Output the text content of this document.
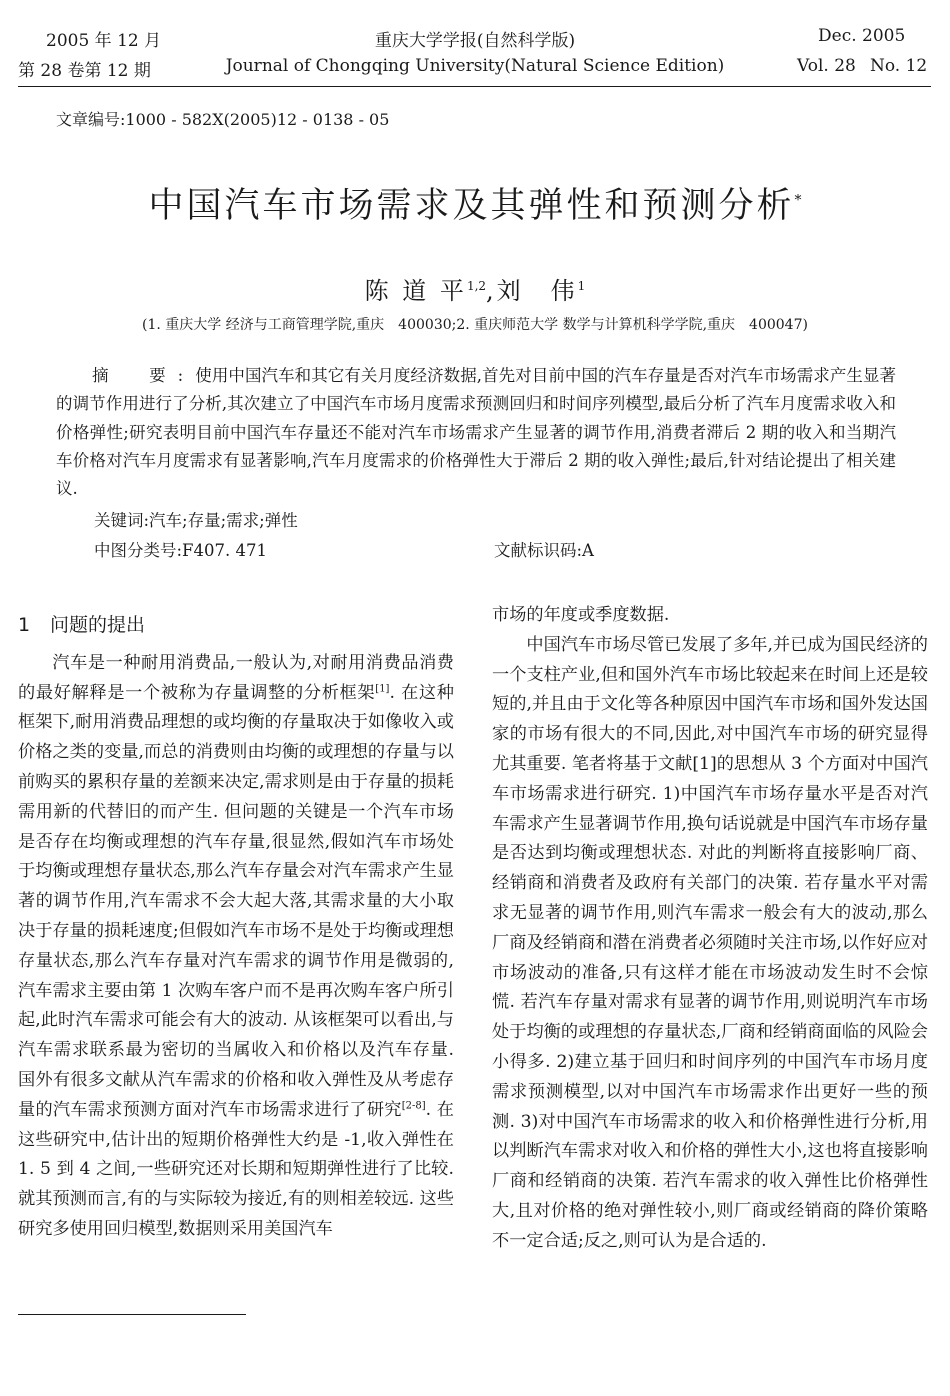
2005 年 12 月
第 28 卷第 12 期
重庆大学学报(自然科学版)
Journal of Chongqing University(Natural Science Edition)
Dec. 2005
Vol. 28 No. 12
文章编号:1000 - 582X(2005)12 - 0138 - 05
中国汽车市场需求及其弹性和预测分析*
陈 道 平$^{1,2}$,刘　伟$^1$
(1. 重庆大学 经济与工商管理学院,重庆　400030;2. 重庆师范大学 数学与计算机科学学院,重庆　400047)
摘　要:使用中国汽车和其它有关月度经济数据,首先对目前中国的汽车存量是否对汽车市场需求产生显著的调节作用进行了分析,其次建立了中国汽车市场月度需求预测回归和时间序列模型,最后分析了汽车月度需求收入和价格弹性;研究表明目前中国汽车存量还不能对汽车市场需求产生显著的调节作用,消费者滞后 2 期的收入和当期汽车价格对汽车月度需求有显著影响,汽车月度需求的价格弹性大于滞后 2 期的收入弹性;最后,针对结论提出了相关建议.
关键词:汽车;存量;需求;弹性
中图分类号:F407. 471	文献标识码:A

1 问题的提出

汽车是一种耐用消费品,一般认为,对耐用消费品消费的最好解释是一个被称为存量调整的分析框架[1]. 在这种框架下,耐用消费品理想的或均衡的存量取决于如像收入或价格之类的变量,而总的消费则由均衡的或理想的存量与以前购买的累积存量的差额来决定,需求则是由于存量的损耗需用新的代替旧的而产生. 但问题的关键是一个汽车市场是否存在均衡或理想的汽车存量,很显然,假如汽车市场处于均衡或理想存量状态,那么汽车存量会对汽车需求产生显著的调节作用,汽车需求不会大起大落,其需求量的大小取决于存量的损耗速度;但假如汽车市场不是处于均衡或理想存量状态,那么汽车存量对汽车需求的调节作用是微弱的,汽车需求主要由第 1 次购车客户而不是再次购车客户所引起,此时汽车需求可能会有大的波动. 从该框架可以看出,与汽车需求联系最为密切的当属收入和价格以及汽车存量. 国外有很多文献从汽车需求的价格和收入弹性及从考虑存量的汽车需求预测方面对汽车市场需求进行了研究[2-8]. 在这些研究中,估计出的短期价格弹性大约是 -1,收入弹性在 1. 5 到 4 之间,一些研究还对长期和短期弹性进行了比较. 就其预测而言,有的与实际较为接近,有的则相差较远. 这些研究多使用回归模型,数据则采用美国汽车

市场的年度或季度数据.

中国汽车市场尽管已发展了多年,并已成为国民经济的一个支柱产业,但和国外汽车市场比较起来在时间上还是较短的,并且由于文化等各种原因中国汽车市场和国外发达国家的市场有很大的不同,因此,对中国汽车市场的研究显得尤其重要. 笔者将基于文献[1]的思想从 3 个方面对中国汽车市场需求进行研究. 1)中国汽车市场存量水平是否对汽车需求产生显著调节作用,换句话说就是中国汽车市场存量是否达到均衡或理想状态. 对此的判断将直接影响厂商、经销商和消费者及政府有关部门的决策. 若存量水平对需求无显著的调节作用,则汽车需求一般会有大的波动,那么厂商及经销商和潜在消费者必须随时关注市场,以作好应对市场波动的准备,只有这样才能在市场波动发生时不会惊慌. 若汽车存量对需求有显著的调节作用,则说明汽车市场处于均衡的或理想的存量状态,厂商和经销商面临的风险会小得多. 2)建立基于回归和时间序列的中国汽车市场月度需求预测模型,以对中国汽车市场需求作出更好一些的预测. 3)对中国汽车市场需求的收入和价格弹性进行分析,用以判断汽车需求对收入和价格的弹性大小,这也将直接影响厂商和经销商的决策. 若汽车需求的收入弹性比价格弹性大,且对价格的绝对弹性较小,则厂商或经销商的降价策略不一定合适;反之,则可认为是合适的.
